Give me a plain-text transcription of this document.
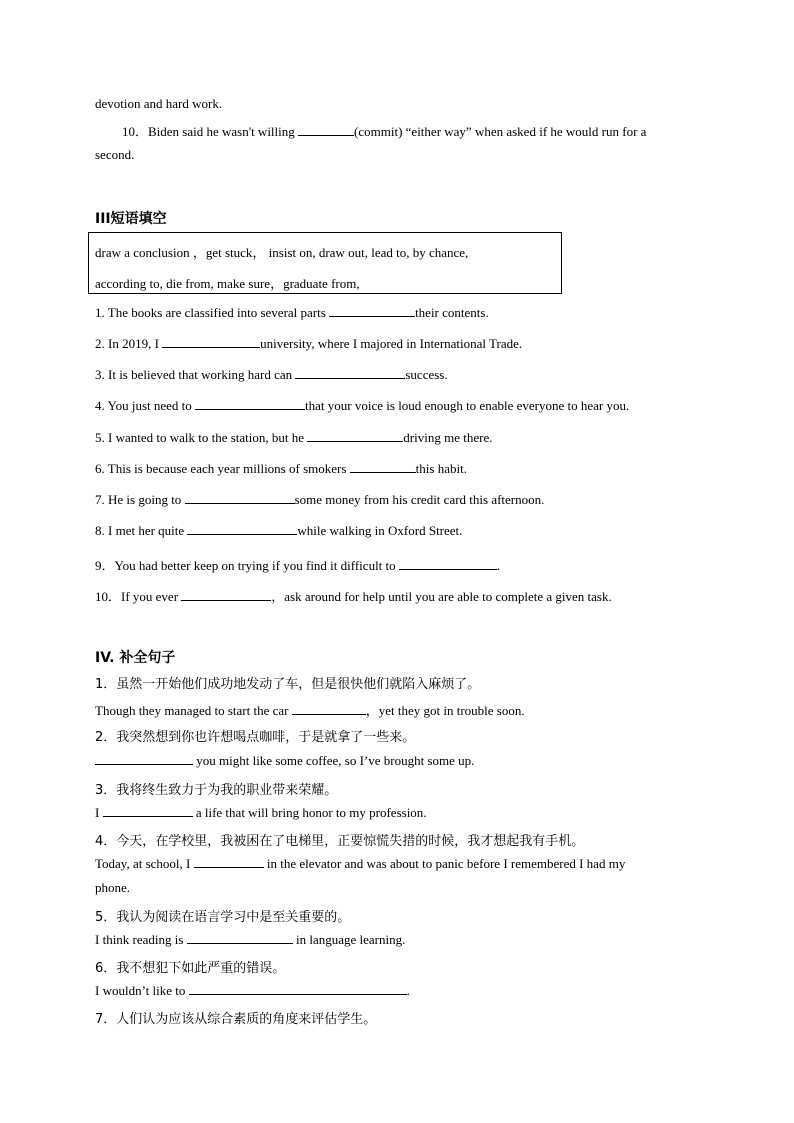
devotion and hard work.
10．Biden said he wasn't willing	(commit) “either way” when asked if he would run for a
second.
III短语填空
draw a conclusion ，get stuck， insist on, draw out, lead to, by chance,
according to, die from, make sure，graduate from,
1. The books are classified into several parts	their contents.
2. In 2019, I	university, where I majored in International Trade.
3. It is believed that working hard can	success.
4. You just need to	that your voice is loud enough to enable everyone to hear you.
5. I wanted to walk to the station, but he	driving me there.
6. This is because each year millions of smokers	this habit.
7. He is going to	some money from his credit card this afternoon.
8. I met her quite	while walking in Oxford Street.
9．You had better keep on trying if you find it difficult to	.
10．If you ever	，ask around for help until you are able to complete a given task.
IV. 补全句子
1．虽然一开始他们成功地发动了车，但是很快他们就陷入麻烦了。
Though they managed to start the car	，yet they got in trouble soon.
2．我突然想到你也许想喝点咖啡，于是就拿了一些来。
you might like some coffee, so I’ve brought some up.
3．我将终生致力于为我的职业带来荣耀。
I	a life that will bring honor to my profession.
4．今天，在学校里，我被困在了电梯里，正要惊慌失措的时候，我才想起我有手机。
Today, at school, I	in the elevator and was about to panic before I remembered I had my
phone.
5．我认为阅读在语言学习中是至关重要的。
I think reading is	in language learning.
6．我不想犯下如此严重的错误。
I wouldn’t like to	.
7．人们认为应该从综合素质的角度来评估学生。
